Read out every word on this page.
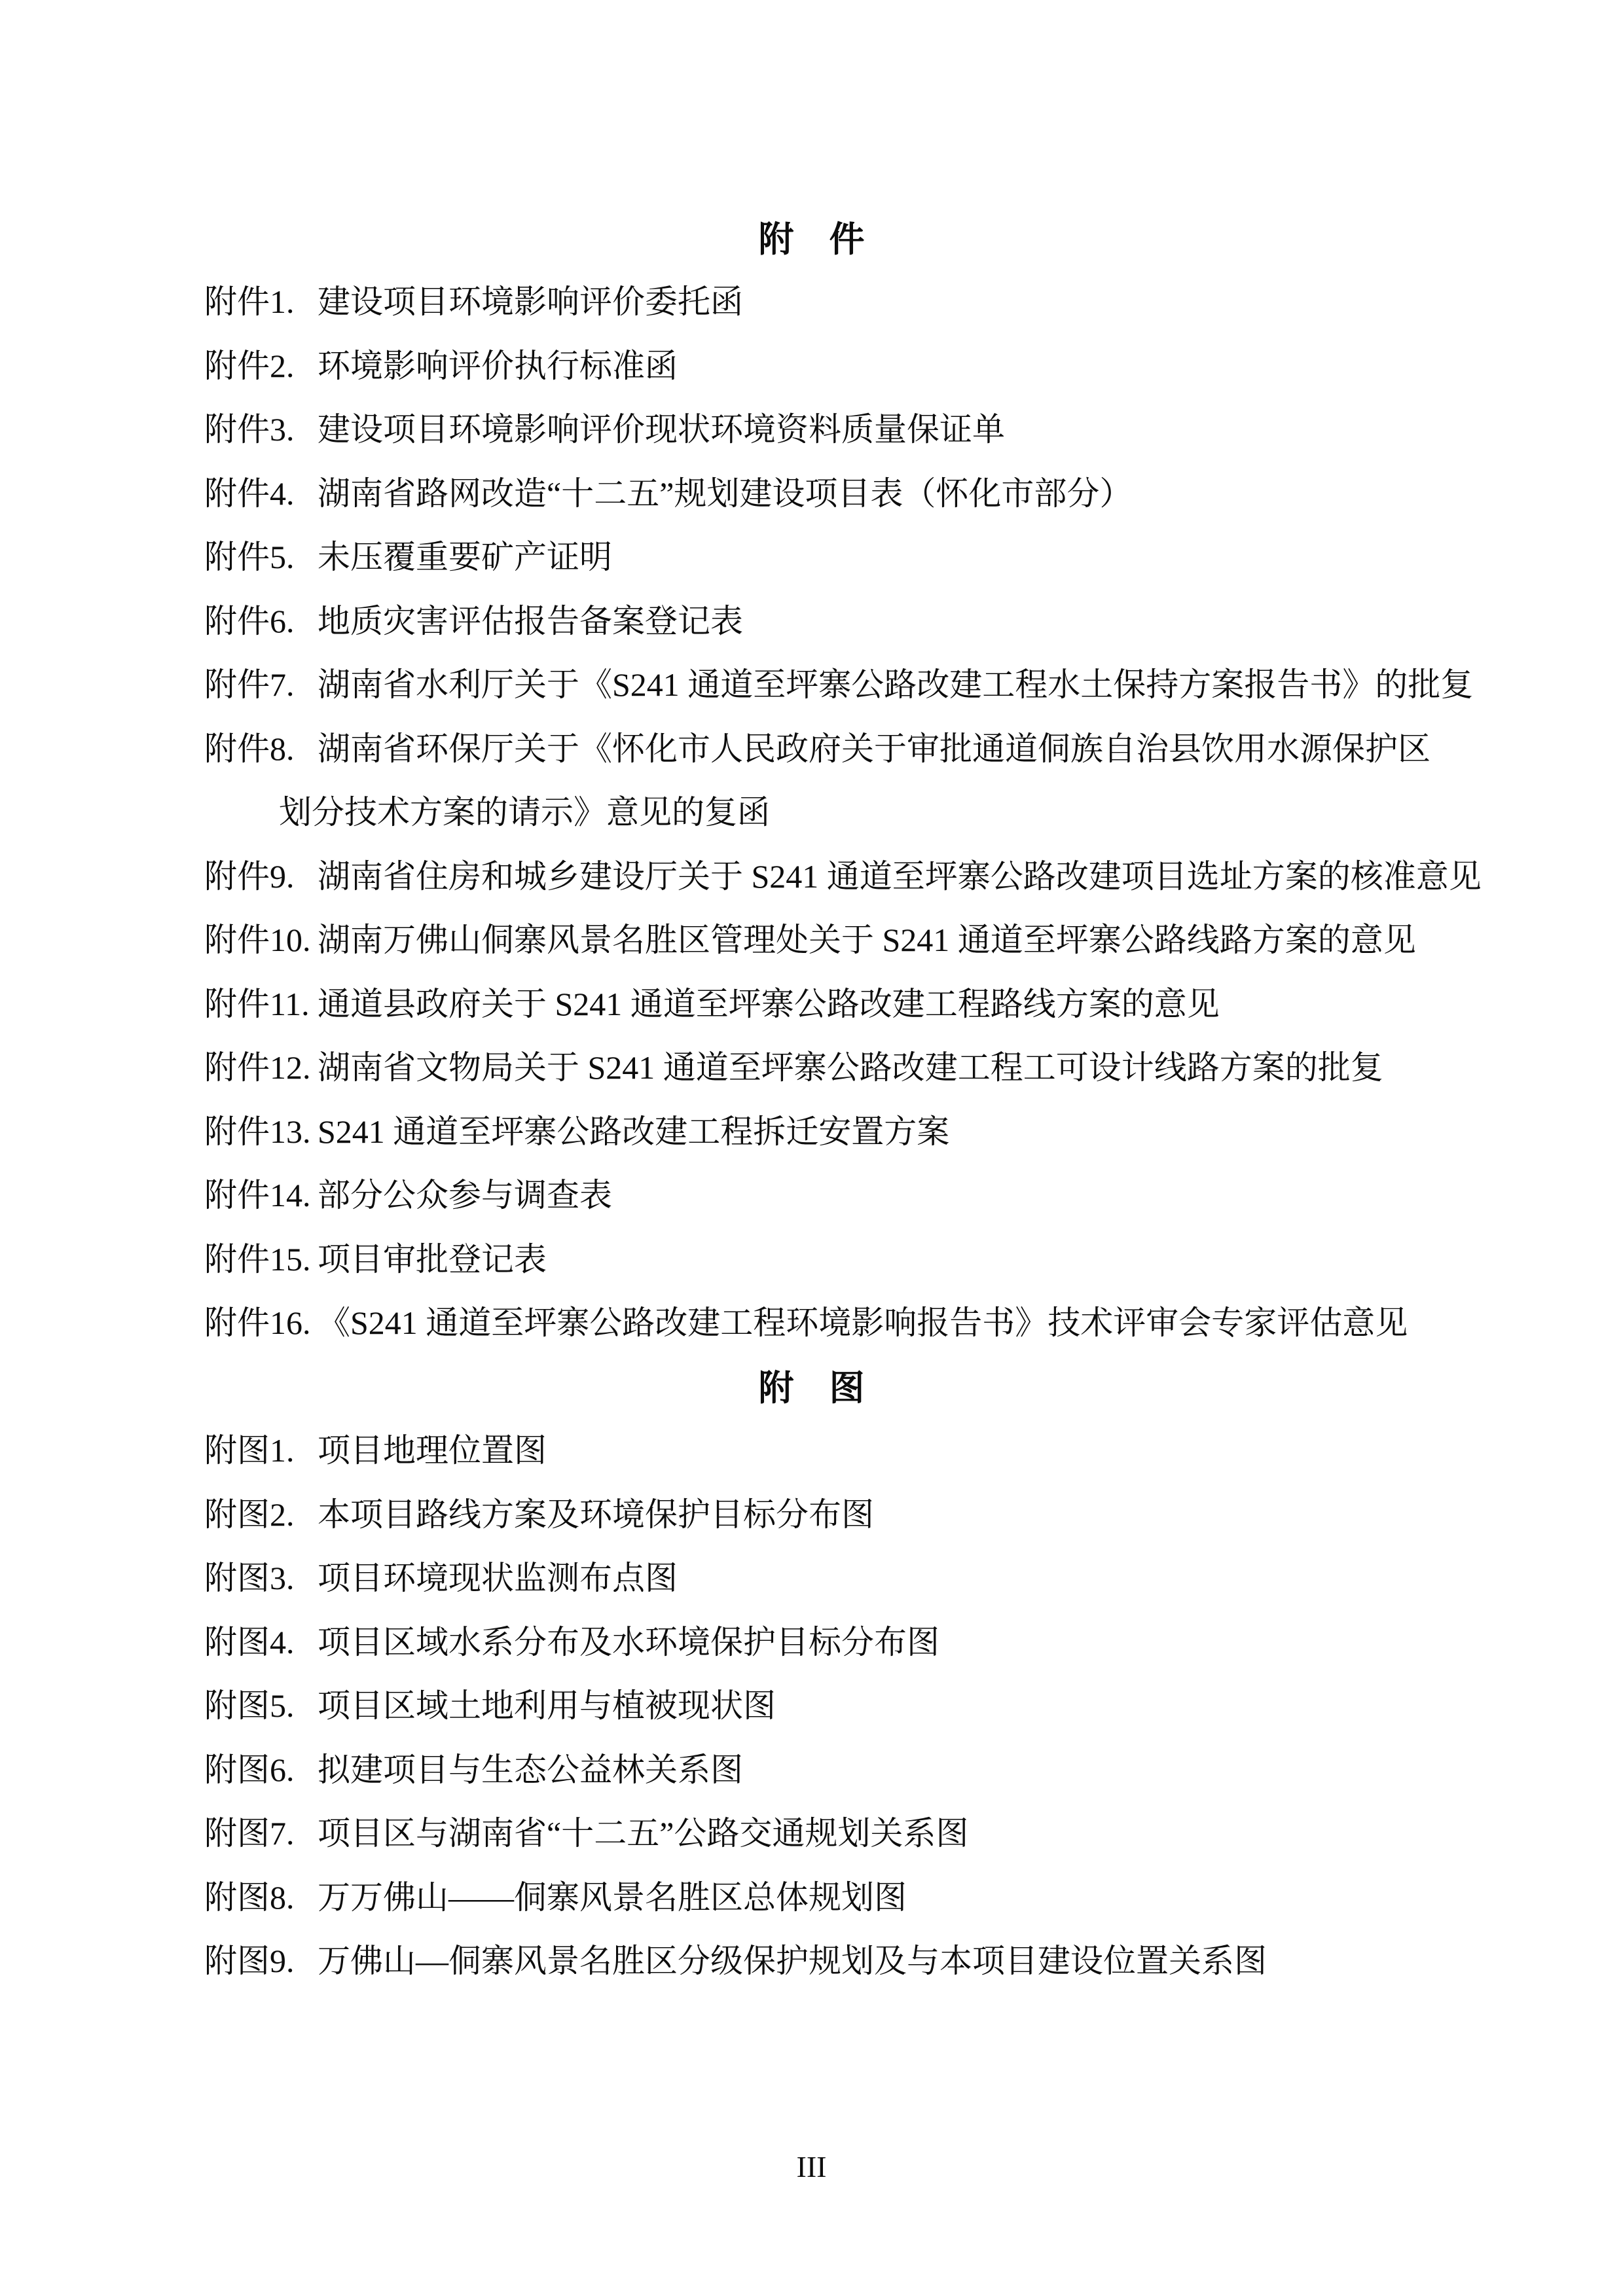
附　件
附件1. 建设项目环境影响评价委托函
附件2. 环境影响评价执行标准函
附件3. 建设项目环境影响评价现状环境资料质量保证单
附件4. 湖南省路网改造“十二五”规划建设项目表（怀化市部分）
附件5. 未压覆重要矿产证明
附件6. 地质灾害评估报告备案登记表
附件7. 湖南省水利厅关于《S241 通道至坪寨公路改建工程水土保持方案报告书》的批复
附件8. 湖南省环保厅关于《怀化市人民政府关于审批通道侗族自治县饮用水源保护区
划分技术方案的请示》意见的复函
附件9. 湖南省住房和城乡建设厅关于 S241 通道至坪寨公路改建项目选址方案的核准意见
附件10. 湖南万佛山侗寨风景名胜区管理处关于 S241 通道至坪寨公路线路方案的意见
附件11. 通道县政府关于 S241 通道至坪寨公路改建工程路线方案的意见
附件12. 湖南省文物局关于 S241 通道至坪寨公路改建工程工可设计线路方案的批复
附件13. S241 通道至坪寨公路改建工程拆迁安置方案
附件14. 部分公众参与调查表
附件15. 项目审批登记表
附件16. 《S241 通道至坪寨公路改建工程环境影响报告书》技术评审会专家评估意见
附　图
附图1. 项目地理位置图
附图2. 本项目路线方案及环境保护目标分布图
附图3. 项目环境现状监测布点图
附图4. 项目区域水系分布及水环境保护目标分布图
附图5. 项目区域土地利用与植被现状图
附图6. 拟建项目与生态公益林关系图
附图7. 项目区与湖南省“十二五”公路交通规划关系图
附图8. 万万佛山——侗寨风景名胜区总体规划图
附图9. 万佛山—侗寨风景名胜区分级保护规划及与本项目建设位置关系图
III
